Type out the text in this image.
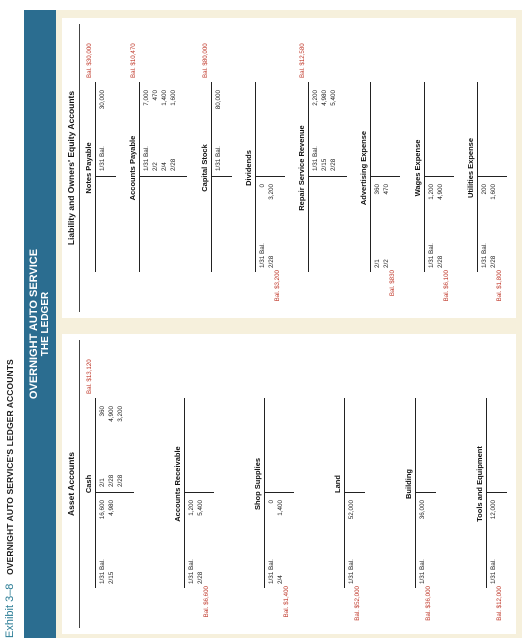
Exhibit 3–8 OVERNIGHT AUTO SERVICE'S LEDGER ACCOUNTS
OVERNIGHT AUTO SERVICE THE LEDGER
Asset Accounts Cash
1/31 Bal.
16,600
2/15
4,980
2/1
360
2/28
4,900
2/28
3,200
Bal. $13,120
Accounts Receivable
1/31 Bal.
1,200
2/28
5,400
Bal. $6,600
Shop Supplies
1/31 Bal.
0
2/4
1,400
Bal. $1,400
Land
1/31 Bal.
52,000
Bal. $52,000
Building
1/31 Bal.
36,000
Bal. $36,000
Tools and Equipment
1/31 Bal.
12,000
Bal. $12,000
Liability and Owners' Equity Accounts Notes Payable 1/31 Bal.
30,000
Bal. $30,000
Accounts Payable 1/31 Bal.
7,000
2/2
470
2/4
1,400
2/28
1,600
Bal. $10,470
Capital Stock 1/31 Bal.
80,000
Bal. $80,000
Dividends
1/31 Bal.
0
2/28
3,200
Bal. $3,200
Repair Service Revenue 1/31 Bal.
2,200
2/15
4,980
2/28
5,400
Bal. $12,580
Advertising Expense
2/1
360
2/2
470
Bal. $830
Wages Expense
1/31 Bal.
1,200
2/28
4,900
Bal. $6,100
Utilities Expense
1/31 Bal.
200
2/28
1,600
Bal. $1,800
